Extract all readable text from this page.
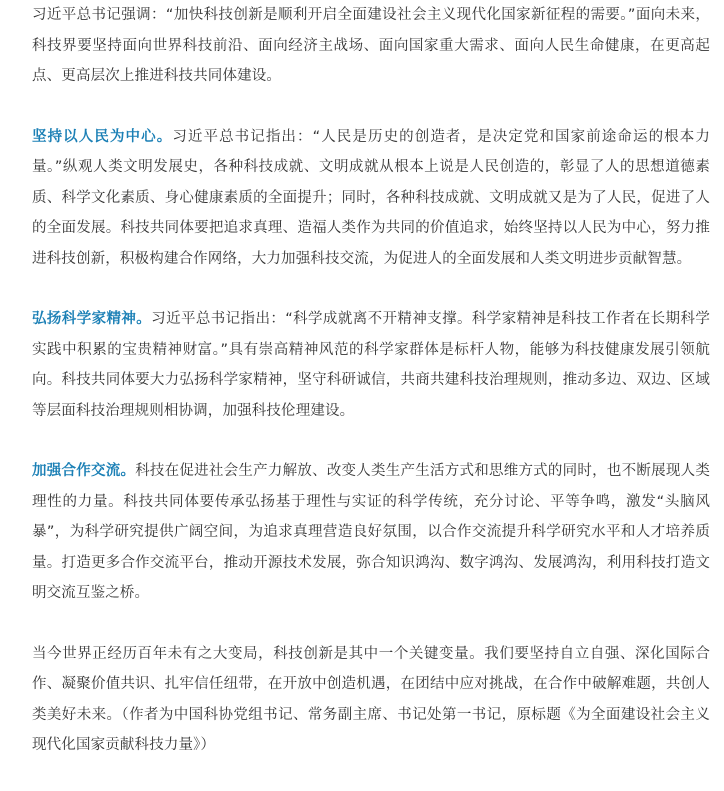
习近平总书记强调：“加快科技创新是顺利开启全面建设社会主义现代化国家新征程的需要。”面向未来，科技界要坚持面向世界科技前沿、面向经济主战场、面向国家重大需求、面向人民生命健康，在更高起点、更高层次上推进科技共同体建设。

坚持以人民为中心。习近平总书记指出：“人民是历史的创造者，是决定党和国家前途命运的根本力量。”纵观人类文明发展史，各种科技成就、文明成就从根本上说是人民创造的，彰显了人的思想道德素质、科学文化素质、身心健康素质的全面提升；同时，各种科技成就、文明成就又是为了人民，促进了人的全面发展。科技共同体要把追求真理、造福人类作为共同的价值追求，始终坚持以人民为中心，努力推进科技创新，积极构建合作网络，大力加强科技交流，为促进人的全面发展和人类文明进步贡献智慧。

弘扬科学家精神。习近平总书记指出：“科学成就离不开精神支撑。科学家精神是科技工作者在长期科学实践中积累的宝贵精神财富。”具有崇高精神风范的科学家群体是标杆人物，能够为科技健康发展引领航向。科技共同体要大力弘扬科学家精神，坚守科研诚信，共商共建科技治理规则，推动多边、双边、区域等层面科技治理规则相协调，加强科技伦理建设。

加强合作交流。科技在促进社会生产力解放、改变人类生产生活方式和思维方式的同时，也不断展现人类理性的力量。科技共同体要传承弘扬基于理性与实证的科学传统，充分讨论、平等争鸣，激发“头脑风暴”，为科学研究提供广阔空间，为追求真理营造良好氛围，以合作交流提升科学研究水平和人才培养质量。打造更多合作交流平台，推动开源技术发展，弥合知识鸿沟、数字鸿沟、发展鸿沟，利用科技打造文明交流互鉴之桥。

当今世界正经历百年未有之大变局，科技创新是其中一个关键变量。我们要坚持自立自强、深化国际合作、凝聚价值共识、扎牢信任纽带，在开放中创造机遇，在团结中应对挑战，在合作中破解难题，共创人类美好未来。（作者为中国科协党组书记、常务副主席、书记处第一书记，原标题《为全面建设社会主义现代化国家贡献科技力量》）
